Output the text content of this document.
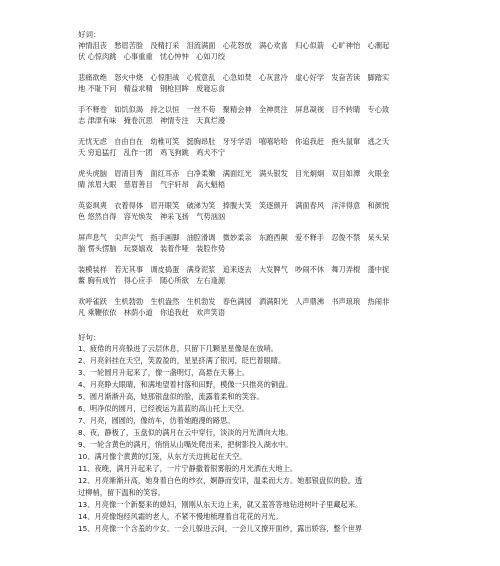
好词：
神情沮丧　愁眉苦脸　没精打采　泪流满面　心花怒放　满心欢喜　归心似箭　心旷神怡　心潮起
伏 心惊肉跳　心事重重　忧心忡忡　心如刀绞
悲痛欲绝　怒火中烧　心惊胆战　心慌意乱　心急如焚　心灰意冷　虚心好学　发奋苦读　脚踏实
地 不耻下问　精益求精　钢枪回眸　废寝忘食
手不释卷　如饥似渴　持之以恒　一丝不苟　聚精会神　全神贯注　屏息凝视　目不转睛　专心致
志 津津有味　掩卷沉思　神情专注　天真烂漫
无忧无虑　自由自在　幼稚可笑　挺胸昂肚　牙牙学语　嘻嘻哈哈　你追我赶　抱头鼠窜　逃之夭
夭 穷追猛打　乱作一团　鸡飞狗跳　鸡犬不宁
虎头虎脑　眉清目秀　面红耳赤　白净柔嫩　满面红光　满头银发　目光炯炯　双目如潭　火眼金
睛 浓眉大眼　慈眉善目　气宇轩昂　高大魁梧
英姿飒爽　衣着得体　眉开眼笑　破涕为笑　捧腹大笑　笑逐颜开　满面春风　洋洋得意　和颜悦
色 悠然自得　容光焕发　神采飞扬　气势汹汹
屏声息气　尖声尖气　指手画脚　油腔滑调　微妙柔亲　东跑西颠　爱不释手　忍俊不禁　呆头呆
脑 愣头愣脑　玩耍嬉戏　装着作哑　装腔作势
装模装样　若无其事　调皮捣蛋　满身泥浆　追来逐去　大发脾气　吵闹不休　舞刀弄棍　蓬中捉
鳖 胸有成竹　得心应手　随心所欲　左右逢源
欢呼雀跃　生机勃勃　生机盎然　生机勃发　春色满园　洒满阳光　人声鼎沸　书声琅琅　热闹非
凡 乘鞭依依　林荫小道　你追我赶　欢声笑语
好句：
1、疲倦的月亮躲进了云层休息，只留下几颗星星像是在放哨。
2、月亮斜挂在天空，笑盈盈的，星星挤满了银河，眨巴着眼睛。
3、一轮圆月升起来了，像一盏明灯，高悬在天幕上。
4、月亮睁大眼睛，和满地望着村落和田野，模像一只推亮的铜盘。
5、圆月渐渐升高，她那银盘似的脸，流露着柔和的笑容。
6、明净似的圆月，已经被运为蓝蓝的高山托上天空。
7、月亮，圆圆的，像纺车，仿着她跑漫的路思。
8、夜，静极了，玉盘似的满月在云中穿行，淡淡的月光洒向大地。
9、一轮含黄色的满月，悄悄从山嘴处爬出来，把树影投入湖水中。
10、满月像个黄黄的灯笼，从东方天边挑起在天空。
11、夜晚，满月升起来了，一片宁静撒着银雾般的月光洒在大地上。
12、月亮渐渐升高，她身着白色的纱衣，婀静而安详，温柔而大方。她那银盘似的脸，透
过柳梢，留下温和的笑容。
13、月亮像一个新娶来的媳妇，刚刚从东天边上来，就又羞答答地钻进树叶子里藏起来。
14、月亮像饱经风霜的老人，不紧不慢地梳理着自花花的月光。
15、月亮像一个含羞的少女。一会儿躲进云间，一会儿又撩开面纱，露出娇容，整个世界
